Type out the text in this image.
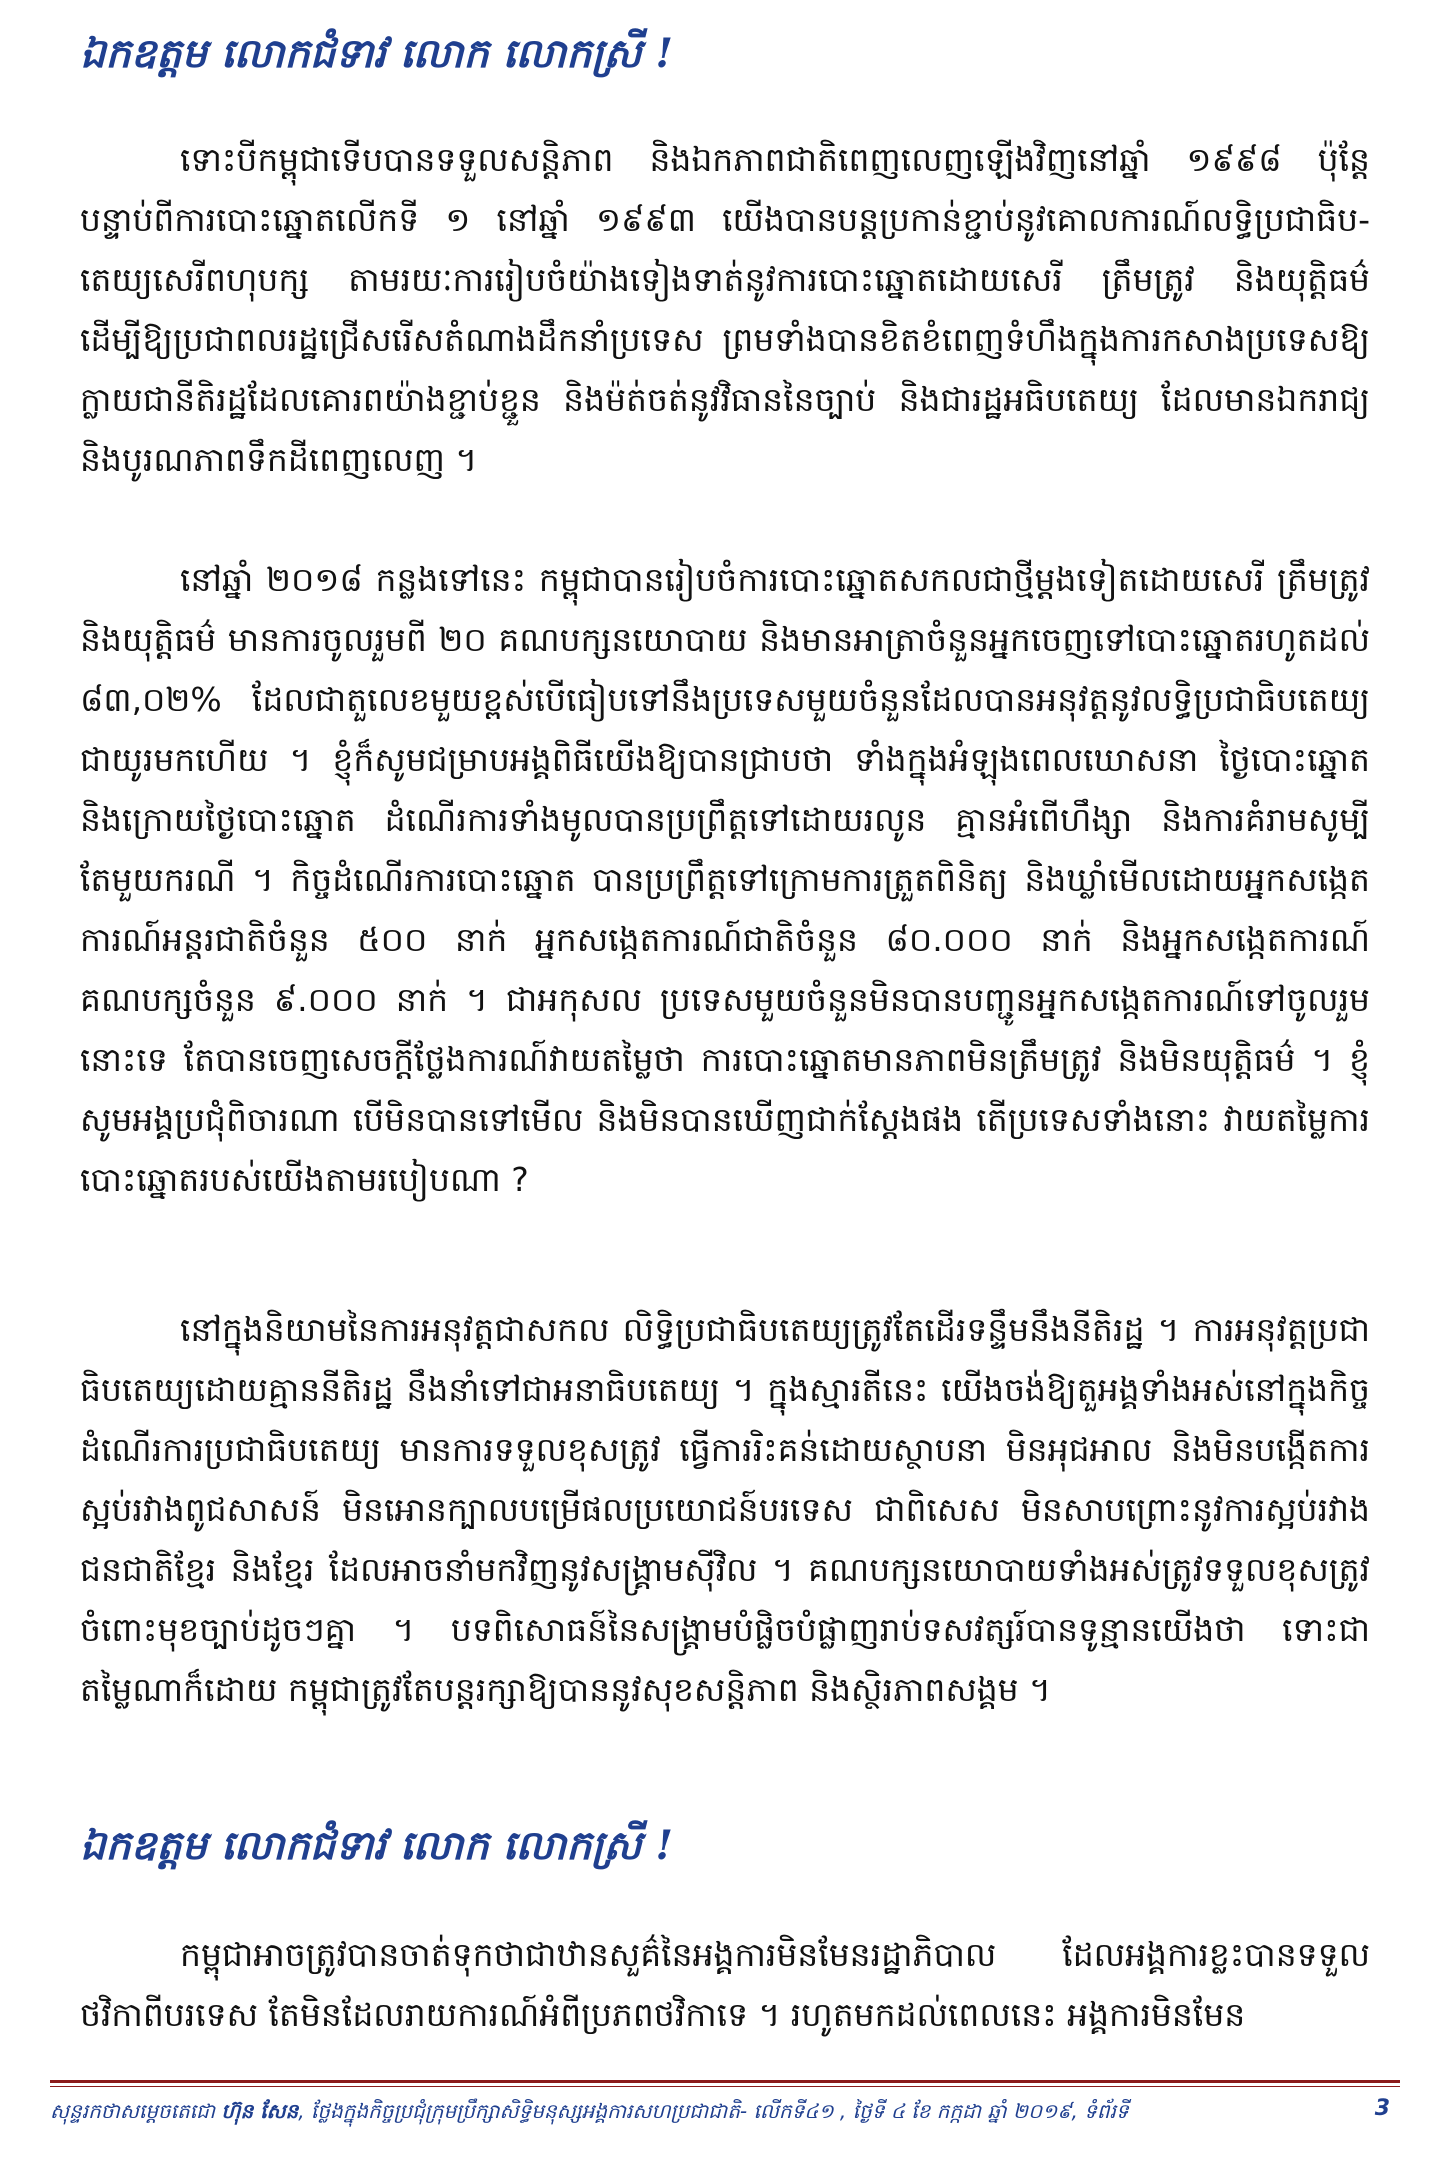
ឯកឧត្តម លោកជំទាវ លោក លោកស្រី !

ទោះបីកម្ពុជាទើបបានទទួលសន្តិភាព និងឯកភាពជាតិពេញលេញឡើងវិញនៅឆ្នាំ ១៩៩៨ ប៉ុន្តែ បន្ទាប់ពីការបោះឆ្នោតលើកទី ១ នៅឆ្នាំ ១៩៩៣ យើងបានបន្តប្រកាន់ខ្ជាប់នូវគោលការណ៍លទ្ធិប្រជាធិប-តេយ្យសេរីពហុបក្ស តាមរយៈការរៀបចំយ៉ាងទៀងទាត់នូវការបោះឆ្នោតដោយសេរី ត្រឹមត្រូវ និងយុត្តិធម៌ ដើម្បីឱ្យប្រជាពលរដ្ឋជ្រើសរើសតំណាងដឹកនាំប្រទេស ព្រមទាំងបានខិតខំពេញទំហឹងក្នុងការកសាងប្រទេសឱ្យក្លាយជានីតិរដ្ឋដែលគោរពយ៉ាងខ្ជាប់ខ្ជួន និងម៉ត់ចត់នូវវិធាននៃច្បាប់ និងជារដ្ឋអធិបតេយ្យ ដែលមានឯករាជ្យ និងបូរណភាពទឹកដីពេញលេញ ។

នៅឆ្នាំ ២០១៨ កន្លងទៅនេះ កម្ពុជាបានរៀបចំការបោះឆ្នោតសកលជាថ្មីម្តងទៀតដោយសេរី ត្រឹមត្រូវ និងយុត្តិធម៌ មានការចូលរួមពី ២០ គណបក្សនយោបាយ និងមានអាត្រាចំនួនអ្នកចេញទៅបោះឆ្នោតរហូតដល់ ៨៣,០២% ដែលជាតួលេខមួយខ្ពស់បើធៀបទៅនឹងប្រទេសមួយចំនួនដែលបានអនុវត្តនូវលទ្ធិប្រជាធិបតេយ្យជាយូរមកហើយ ។ ខ្ញុំក៏សូមជម្រាបអង្គពិធីយើងឱ្យបានជ្រាបថា ទាំងក្នុងអំឡុងពេលឃោសនា ថ្ងៃបោះឆ្នោត និងក្រោយថ្ងៃបោះឆ្នោត ដំណើរការទាំងមូលបានប្រព្រឹត្តទៅដោយរលូន គ្មានអំពើហឹង្សា និងការគំរាមសូម្បីតែមួយករណី ។ កិច្ចដំណើរការបោះឆ្នោត បានប្រព្រឹត្តទៅក្រោមការត្រួតពិនិត្យ និងឃ្លាំមើលដោយអ្នកសង្កេតការណ៍អន្តរជាតិចំនួន ៥០០ នាក់ អ្នកសង្កេតការណ៍ជាតិចំនួន ៨០.០០០ នាក់ និងអ្នកសង្កេតការណ៍គណបក្សចំនួន ៩.០០០ នាក់ ។ ជាអកុសល ប្រទេសមួយចំនួនមិនបានបញ្ជូនអ្នកសង្កេតការណ៍ទៅចូលរួមនោះទេ តែបានចេញសេចក្តីថ្លែងការណ៍វាយតម្លៃថា ការបោះឆ្នោតមានភាពមិនត្រឹមត្រូវ និងមិនយុត្តិធម៌ ។ ខ្ញុំសូមអង្គប្រជុំពិចារណា បើមិនបានទៅមើល និងមិនបានឃើញជាក់ស្តែងផង តើប្រទេសទាំងនោះ វាយតម្លៃការបោះឆ្នោតរបស់យើងតាមរបៀបណា ?

នៅក្នុងនិយាមនៃការអនុវត្តជាសកល លិទ្ធិប្រជាធិបតេយ្យត្រូវតែដើរទន្ទឹមនឹងនីតិរដ្ឋ ។ ការអនុវត្តប្រជាធិបតេយ្យដោយគ្មាននីតិរដ្ឋ នឹងនាំទៅជាអនាធិបតេយ្យ ។ ក្នុងស្មារតីនេះ យើងចង់ឱ្យតួអង្គទាំងអស់នៅក្នុងកិច្ចដំណើរការប្រជាធិបតេយ្យ មានការទទួលខុសត្រូវ ធ្វើការរិះគន់ដោយស្ថាបនា មិនអុជអាល និងមិនបង្កើតការស្អប់រវាងពូជសាសន៍ មិនអោនក្បាលបម្រើផលប្រយោជន៍បរទេស ជាពិសេស មិនសាបព្រោះនូវការស្អប់រវាងជនជាតិខ្មែរ និងខ្មែរ ដែលអាចនាំមកវិញនូវសង្គ្រាមស៊ីវិល ។ គណបក្សនយោបាយទាំងអស់ត្រូវទទួលខុសត្រូវចំពោះមុខច្បាប់ដូចៗគ្នា ។ បទពិសោធន៍នៃសង្គ្រាមបំផ្លិចបំផ្លាញរាប់ទសវត្សរ៍បានទូន្មានយើងថា ទោះជាតម្លៃណាក៏ដោយ កម្ពុជាត្រូវតែបន្តរក្សាឱ្យបាននូវសុខសន្តិភាព និងស្ថិរភាពសង្គម ។

ឯកឧត្តម លោកជំទាវ លោក លោកស្រី !

កម្ពុជាអាចត្រូវបានចាត់ទុកថាជាឋានសួគ៌នៃអង្គការមិនមែនរដ្ឋាភិបាល ដែលអង្គការខ្លះបានទទួលថវិកាពីបរទេស តែមិនដែលរាយការណ៍អំពីប្រភពថវិកាទេ ។ រហូតមកដល់ពេលនេះ អង្គការមិនមែន

សុន្ទរកថាសម្តេចតេជោ ហ៊ុន សែន, ថ្លែងក្នុងកិច្ចប្រជុំក្រុមប្រឹក្សាសិទ្ធិមនុស្សអង្គការសហប្រជាជាតិ- លើកទី៤១ , ថ្ងៃទី ៤ ខែ កក្កដា ឆ្នាំ ២០១៩, ទំព័រទី	3
